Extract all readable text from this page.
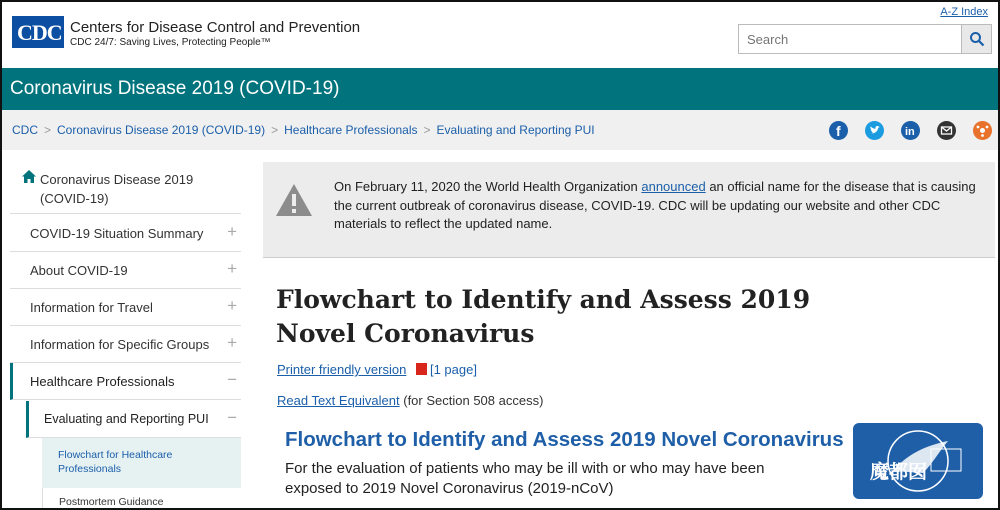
CDC Centers for Disease Control and Prevention
CDC 24/7: Saving Lives, Protecting People™
A-Z Index
Search
Coronavirus Disease 2019 (COVID-19)
CDC > Coronavirus Disease 2019 (COVID-19) > Healthcare Professionals > Evaluating and Reporting PUI	f	in
Coronavirus Disease 2019 (COVID-19)
COVID-19 Situation Summary +
About COVID-19	+
Information for Travel	+
Information for Specific Groups +
Healthcare Professionals	−
Evaluating and Reporting PUI −
Flowchart for Healthcare Professionals
Postmortem Guidance
On February 11, 2020 the World Health Organization announced an official name for the disease that is causing the current outbreak of coronavirus disease, COVID-19. CDC will be updating our website and other CDC materials to reflect the updated name.
Flowchart to Identify and Assess 2019 Novel Coronavirus
Printer friendly version [1 page]
Read Text Equivalent (for Section 508 access)
Flowchart to Identify and Assess 2019 Novel Coronavirus
For the evaluation of patients who may be ill with or who may have been exposed to 2019 Novel Coronavirus (2019-nCoV)
魔都囡
